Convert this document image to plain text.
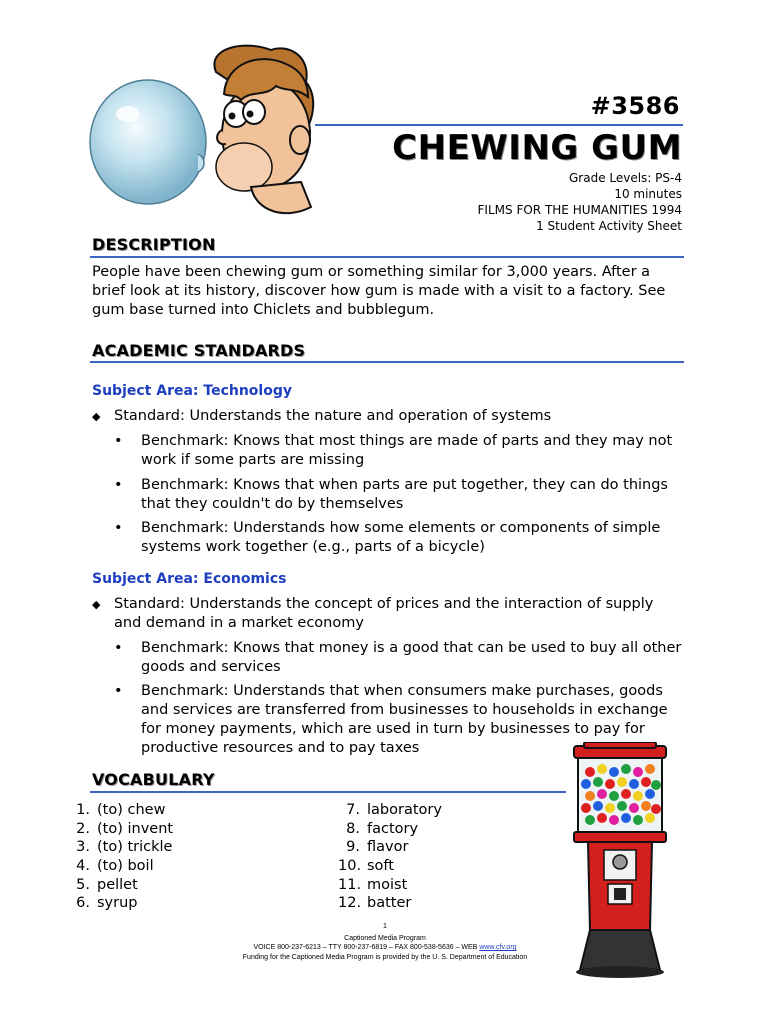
#3586
CHEWING GUM
Grade Levels: PS-4
10 minutes
FILMS FOR THE HUMANITIES 1994
1 Student Activity Sheet
DESCRIPTION
People have been chewing gum or something similar for 3,000 years. After a brief look at its history, discover how gum is made with a visit to a factory. See gum base turned into Chiclets and bubblegum.
ACADEMIC STANDARDS
Subject Area: Technology
◆ Standard: Understands the nature and operation of systems
• Benchmark: Knows that most things are made of parts and they may not work if some parts are missing
• Benchmark: Knows that when parts are put together, they can do things that they couldn't do by themselves
• Benchmark: Understands how some elements or components of simple systems work together (e.g., parts of a bicycle)
Subject Area: Economics
◆ Standard: Understands the concept of prices and the interaction of supply and demand in a market economy
• Benchmark: Knows that money is a good that can be used to buy all other goods and services
• Benchmark: Understands that when consumers make purchases, goods and services are transferred from businesses to households in exchange for money payments, which are used in turn by businesses to pay for productive resources and to pay taxes
VOCABULARY
1. (to) chew
2. (to) invent
3. (to) trickle
4. (to) boil
5. pellet
6. syrup
7. laboratory
8. factory
9. flavor
10. soft
11. moist
12. batter
1
Captioned Media Program
VOICE 800-237-6213 – TTY 800-237-6819 – FAX 800-538-5636 – WEB www.cfv.org
Funding for the Captioned Media Program is provided by the U. S. Department of Education
